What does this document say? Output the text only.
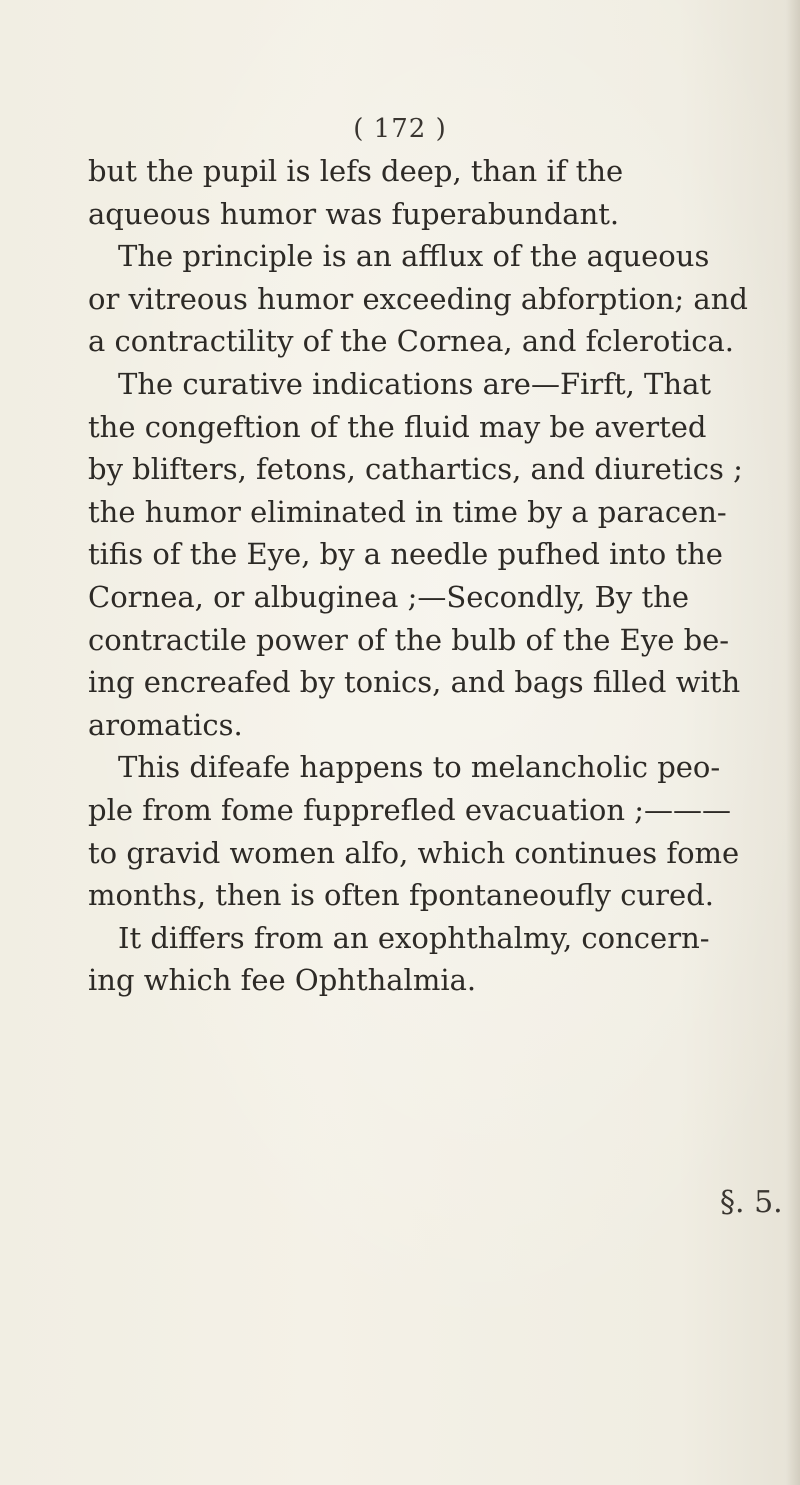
( 172 )
but the pupil is lefs deep, than if the
aqueous humor was fuperabundant.
The principle is an afflux of the aqueous
or vitreous humor exceeding abforption; and
a contractility of the Cornea, and fclerotica.
The curative indications are—Firft, That
the congeftion of the fluid may be averted
by blifters, fetons, cathartics, and diuretics ;
the humor eliminated in time by a paracen-
tifis of the Eye, by a needle pufhed into the
Cornea, or albuginea ;—Secondly, By the
contractile power of the bulb of the Eye be-
ing encreafed by tonics, and bags filled with
aromatics.
This difeafe happens to melancholic peo-
ple from fome fupprefled evacuation ;———
to gravid women alfo, which continues fome
months, then is often fpontaneoufly cured.
It differs from an exophthalmy, concern-
ing which fee Ophthalmia.
§. 5.
